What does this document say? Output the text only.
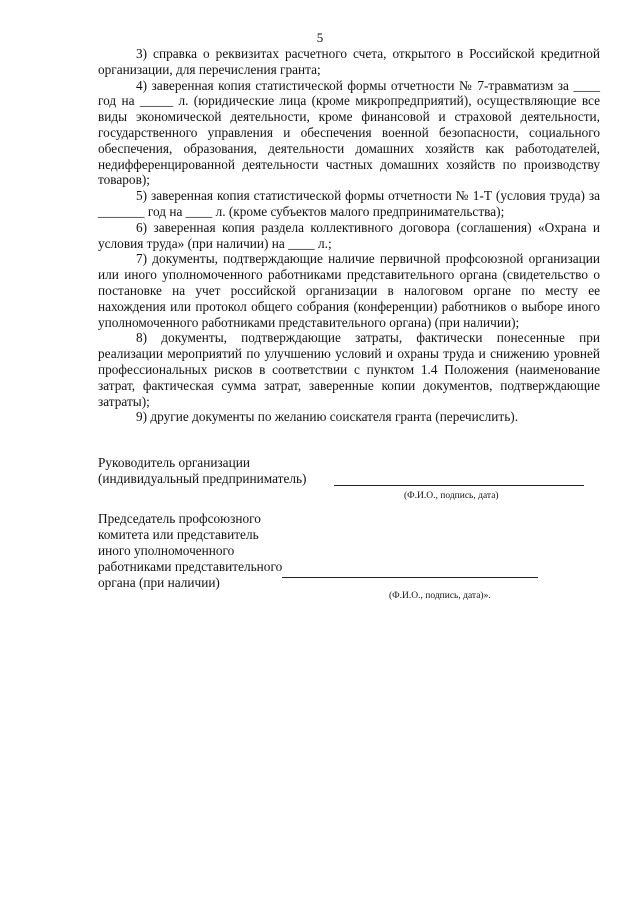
5

3) справка о реквизитах расчетного счета, открытого в Российской кредитной организации, для перечисления гранта;

4) заверенная копия статистической формы отчетности № 7-травматизм за ____ год на _____ л. (юридические лица (кроме микропредприятий), осуществляющие все виды экономической деятельности, кроме финансовой и страховой деятельности, государственного управления и обеспечения военной безопасности, социального обеспечения, образования, деятельности домашних хозяйств как работодателей, недифференцированной деятельности частных домашних хозяйств по производству товаров);

5) заверенная копия статистической формы отчетности № 1-Т (условия труда) за _______ год на ____ л. (кроме субъектов малого предпринимательства);

6) заверенная копия раздела коллективного договора (соглашения) «Охрана и условия труда» (при наличии) на ____ л.;

7) документы, подтверждающие наличие первичной профсоюзной организации или иного уполномоченного работниками представительного органа (свидетельство о постановке на учет российской организации в налоговом органе по месту ее нахождения или протокол общего собрания (конференции) работников о выборе иного уполномоченного работниками представительного органа) (при наличии);

8) документы, подтверждающие затраты, фактически понесенные при реализации мероприятий по улучшению условий и охраны труда и снижению уровней профессиональных рисков в соответствии с пунктом 1.4 Положения (наименование затрат, фактическая сумма затрат, заверенные копии документов, подтверждающие затраты);

9) другие документы по желанию соискателя гранта (перечислить).

Руководитель организации
(индивидуальный предприниматель)
(Ф.И.О., подпись, дата)
Председатель профсоюзного
комитета или представитель
иного уполномоченного
работниками представительного
органа (при наличии)
(Ф.И.О., подпись, дата)».
